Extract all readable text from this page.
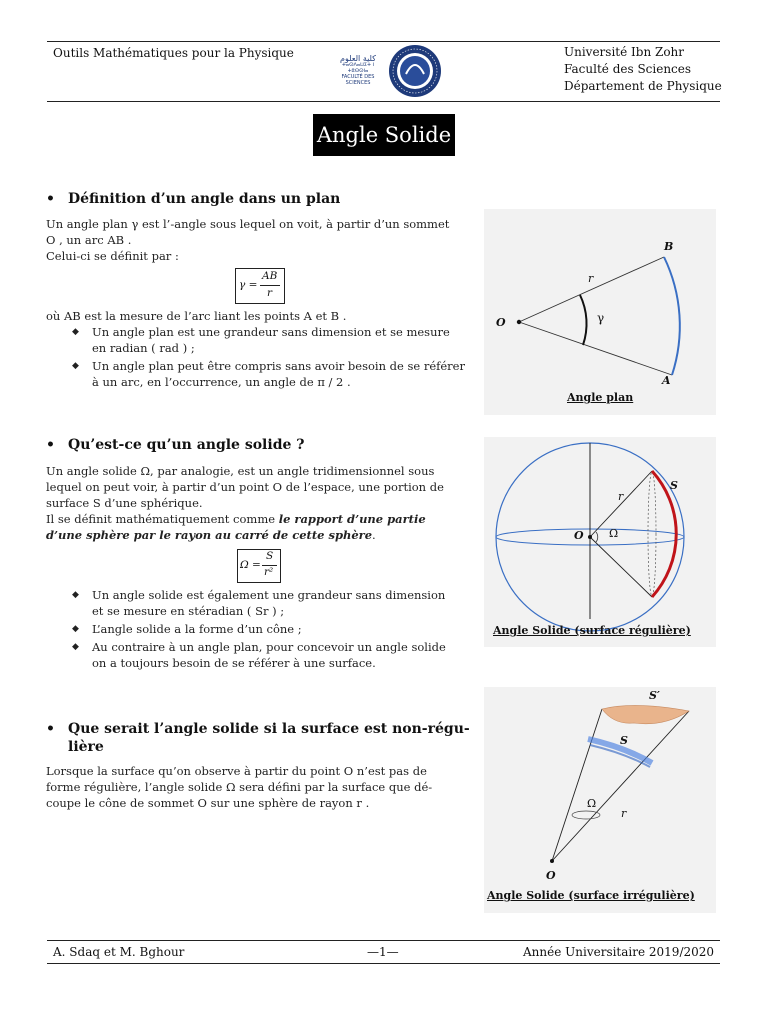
Outils Mathématiques pour la Physique	كلية العلوم
ⵜⴰⵙⴷⴰⵡⵉⵜ ⵏ ⵜⵓⵙⵙⵏⴰ
FACULTÉ DES SCIENCES
Université Ibn Zohr
Faculté des Sciences
Département de Physique
Angle Solide
• Définition d’un angle dans un plan
Un angle plan γ est l’-angle sous lequel on voit, à partir d’un sommet
O , un arc AB .
Celui-ci se définit par :
γ =
AB
r
où AB est la mesure de l’arc liant les points A et B .
◆ Un angle plan est une grandeur sans dimension et se mesure
en radian ( rad ) ;
◆ Un angle plan peut être compris sans avoir besoin de se référer
à un arc, en l’occurrence, un angle de π / 2 .
B
r
γ
O
A
Angle plan
• Qu’est-ce qu’un angle solide ?
Un angle solide Ω, par analogie, est un angle tridimensionnel sous
lequel on peut voir, à partir d’un point O de l’espace, une portion de
surface S d’une sphérique.
Il se définit mathématiquement comme le rapport d’une partie
d’une sphère par le rayon au carré de cette sphère.
Ω =
S
r²
◆ Un angle solide est également une grandeur sans dimension
et se mesure en stéradian ( Sr ) ;
◆ L’angle solide a la forme d’un cône ;
◆ Au contraire à un angle plan, pour concevoir un angle solide
on a toujours besoin de se référer à une surface.
S
r
O Ω
Angle Solide (surface régulière)
• Que serait l’angle solide si la surface est non-régu-
lière
Lorsque la surface qu’on observe à partir du point O n’est pas de
forme régulière, l’angle solide Ω sera défini par la surface que dé-
coupe le cône de sommet O sur une sphère de rayon r .
S′
S
Ω
r
O
Angle Solide (surface irrégulière)
A. Sdaq et M. Bghour	—1—	Année Universitaire 2019/2020
